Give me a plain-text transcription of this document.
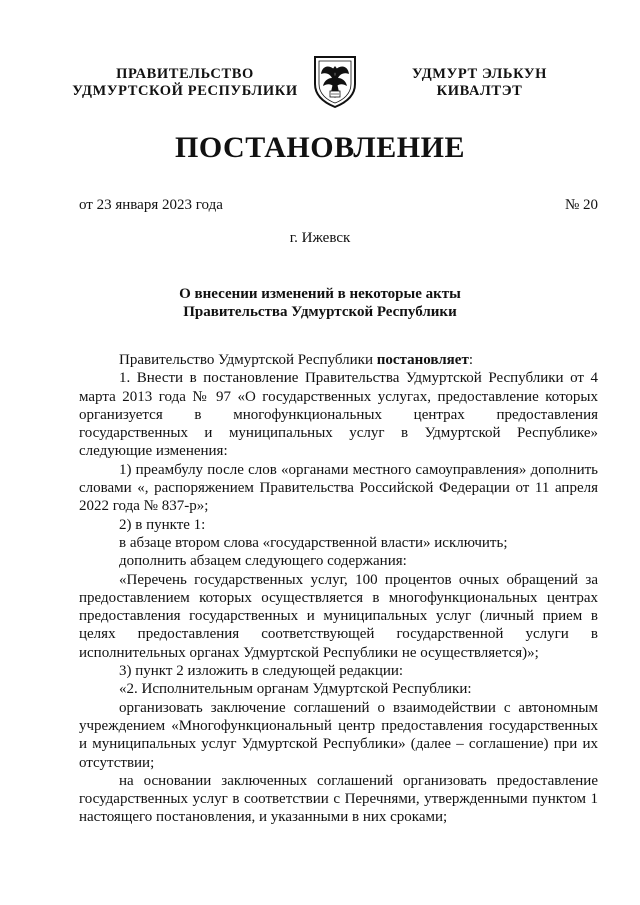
ПРАВИТЕЛЬСТВО
УДМУРТСКОЙ РЕСПУБЛИКИ
УДМУРТ ЭЛЬКУН
КИВАЛТЭТ
ПОСТАНОВЛЕНИЕ
от 23 января 2023 года	№ 20
г. Ижевск
О внесении изменений в некоторые акты
Правительства Удмуртской Республики

Правительство Удмуртской Республики постановляет:

1. Внести в постановление Правительства Удмуртской Республики от 4 марта 2013 года № 97 «О государственных услугах, предоставление которых организуется в многофункциональных центрах предоставления государственных и муниципальных услуг в Удмуртской Республике» следующие изменения:

1) преамбулу после слов «органами местного самоуправления» дополнить словами «, распоряжением Правительства Российской Федерации от 11 апреля 2022 года № 837-р»;

2) в пункте 1:

в абзаце втором слова «государственной власти» исключить;

дополнить абзацем следующего содержания:

«Перечень государственных услуг, 100 процентов очных обращений за предоставлением которых осуществляется в многофункциональных центрах предоставления государственных и муниципальных услуг (личный прием в целях предоставления соответствующей государственной услуги в исполнительных органах Удмуртской Республики не осуществляется)»;

3) пункт 2 изложить в следующей редакции:

«2. Исполнительным органам Удмуртской Республики:

организовать заключение соглашений о взаимодействии с автономным учреждением «Многофункциональный центр предоставления государственных и муниципальных услуг Удмуртской Республики» (далее – соглашение) при их отсутствии;

на основании заключенных соглашений организовать предоставление государственных услуг в соответствии с Перечнями, утвержденными пунктом 1 настоящего постановления, и указанными в них сроками;
